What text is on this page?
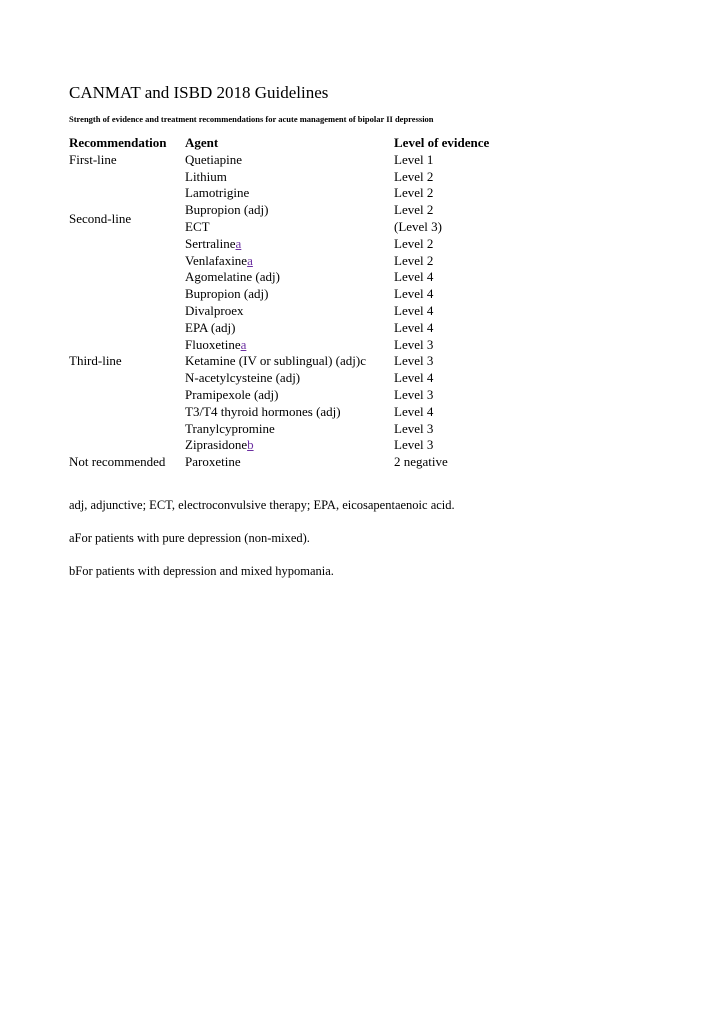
CANMAT and ISBD 2018 Guidelines
Strength of evidence and treatment recommendations for acute management of bipolar II depression
Recommendation	Agent	Level of evidence
First-line	Quetiapine	Level 1
Second-line	Lithium	Level 2
	Lamotrigine	Level 2
	Bupropion (adj)	Level 2
	ECT	(Level 3)
	Sertralinea	Level 2
	Venlafaxinea	Level 2
Third-line	Agomelatine (adj)	Level 4
	Bupropion (adj)	Level 4
	Divalproex	Level 4
	EPA (adj)	Level 4
	Fluoxetinea	Level 3
	Ketamine (IV or sublingual) (adj)c	Level 3
	N-acetylcysteine (adj)	Level 4
	Pramipexole (adj)	Level 3
	T3/T4 thyroid hormones (adj)	Level 4
	Tranylcypromine	Level 3
	Ziprasidoneb	Level 3
Not recommended	Paroxetine	2 negative

adj, adjunctive; ECT, electroconvulsive therapy; EPA, eicosapentaenoic acid.

aFor patients with pure depression (non-mixed).

bFor patients with depression and mixed hypomania.
